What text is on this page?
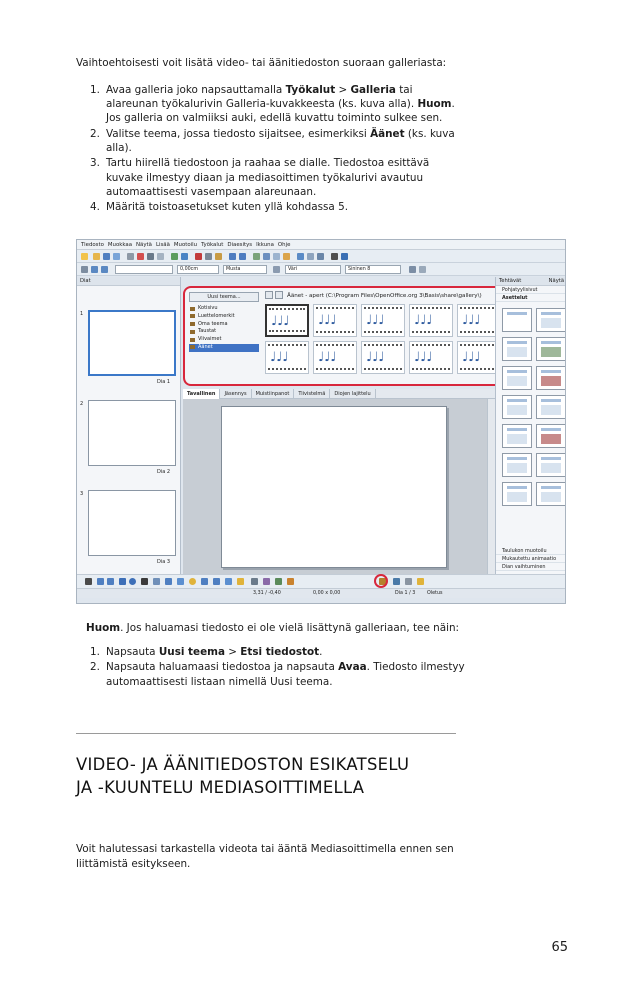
Vaihtoehtoisesti voit lisätä video- tai äänitiedoston suoraan galleriasta:

1. Avaa galleria joko napsauttamalla Työkalut > Galleria tai alareunan työkalurivin Galleria-kuvakkeesta (ks. kuva alla). Huom. Jos galleria on valmiiksi auki, edellä kuvattu toiminto sulkee sen.
2. Valitse teema, jossa tiedosto sijaitsee, esimerkiksi Äänet (ks. kuva alla).
3. Tartu hiirellä tiedostoon ja raahaa se dialle. Tiedostoa esittävä kuvake ilmestyy diaan ja mediasoittimen työkalurivi avautuu automaattisesti vasempaan alareunaan.
4. Määritä toistoasetukset kuten yllä kohdassa 5.
Tiedosto Muokkaa Näytä Lisää Muotoilu Työkalut Diaesitys Ikkuna Ohje
0,00cm	Musta	Väri	Sininen 8
Diat
1
Dia 1
2
Dia 2
3
Dia 3
Uusi teema...
Kotisivu
Luettelomerkit
Oma teema
Taustat
Viivaimet
Äänet
Äänet - apert (C:\Program Files\OpenOffice.org 3\Basis\share\gallery\)
♩♩♩ ♩♩♩ ♩♩♩ ♩♩♩ ♩♩♩
♩♩♩ ♩♩♩ ♩♩♩ ♩♩♩ ♩♩♩
Tavallinen Jäsennys Muistiinpanot Tiivistelmä Diojen lajittelu
Tehtävät	Näytä
Pohjatyylisivut
Asettelut
Taulukon muotoilu
Mukautettu animaatio
Dian vaihtuminen
3,31 / -0,40	0,00 x 0,00	Dia 1 / 3 Oletus

Huom. Jos haluamasi tiedosto ei ole vielä lisättynä galleriaan, tee näin:

1. Napsauta Uusi teema > Etsi tiedostot.
2. Napsauta haluamaasi tiedostoa ja napsauta Avaa. Tiedosto ilmestyy automaattisesti listaan nimellä Uusi teema.
VIDEO- JA ÄÄNITIEDOSTON ESIKATSELU
JA -KUUNTELU MEDIASOITTIMELLA

Voit halutessasi tarkastella videota tai ääntä Mediasoittimella ennen sen liittämistä esitykseen.

65
